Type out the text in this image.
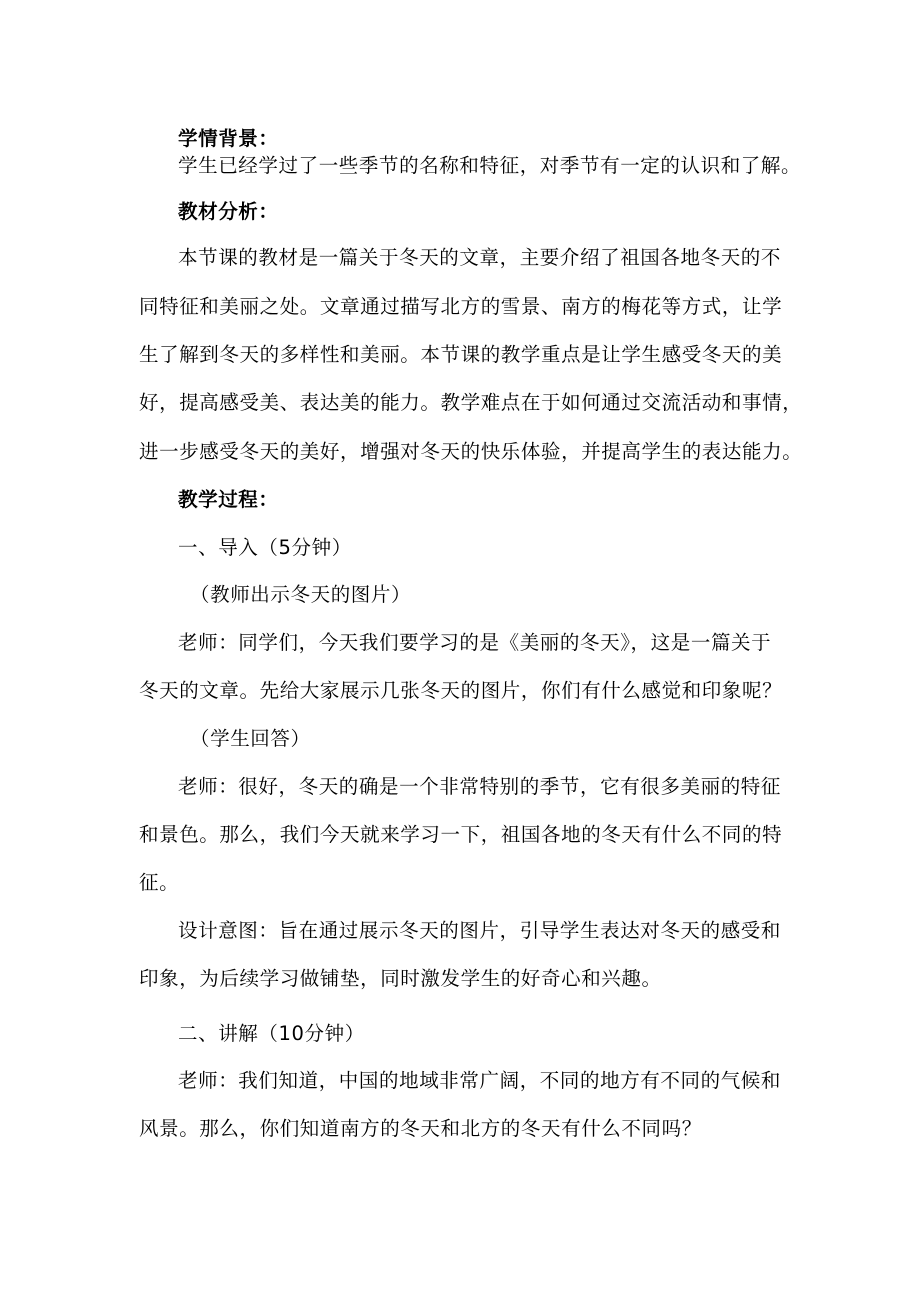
学情背景：
学生已经学过了一些季节的名称和特征，对季节有一定的认识和了解。
教材分析：
本节课的教材是一篇关于冬天的文章，主要介绍了祖国各地冬天的不
同特征和美丽之处。文章通过描写北方的雪景、南方的梅花等方式，让学
生了解到冬天的多样性和美丽。本节课的教学重点是让学生感受冬天的美
好，提高感受美、表达美的能力。教学难点在于如何通过交流活动和事情，
进一步感受冬天的美好，增强对冬天的快乐体验，并提高学生的表达能力。
教学过程：
一、导入（5分钟）
（教师出示冬天的图片）
老师：同学们，今天我们要学习的是《美丽的冬天》，这是一篇关于
冬天的文章。先给大家展示几张冬天的图片，你们有什么感觉和印象呢？
（学生回答）
老师：很好，冬天的确是一个非常特别的季节，它有很多美丽的特征
和景色。那么，我们今天就来学习一下，祖国各地的冬天有什么不同的特
征。
设计意图：旨在通过展示冬天的图片，引导学生表达对冬天的感受和
印象，为后续学习做铺垫，同时激发学生的好奇心和兴趣。
二、讲解（10分钟）
老师：我们知道，中国的地域非常广阔，不同的地方有不同的气候和
风景。那么，你们知道南方的冬天和北方的冬天有什么不同吗？
